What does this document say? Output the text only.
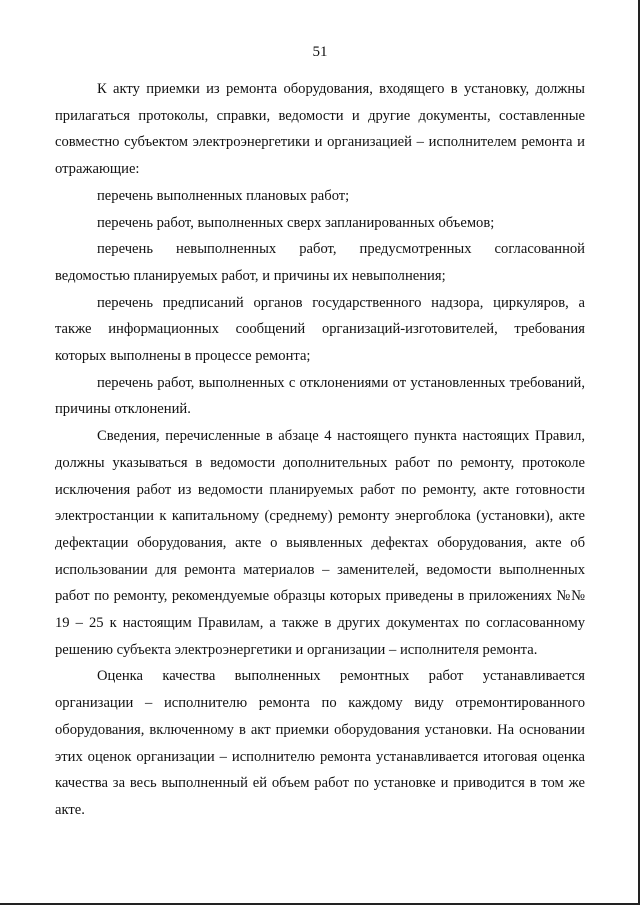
51

К акту приемки из ремонта оборудования, входящего в установку, должны прилагаться протоколы, справки, ведомости и другие документы, составленные совместно субъектом электроэнергетики и организацией – исполнителем ремонта и отражающие:

перечень выполненных плановых работ;

перечень работ, выполненных сверх запланированных объемов;

перечень невыполненных работ, предусмотренных согласованной ведомостью планируемых работ, и причины их невыполнения;

перечень предписаний органов государственного надзора, циркуляров, а также информационных сообщений организаций-изготовителей, требования которых выполнены в процессе ремонта;

перечень работ, выполненных с отклонениями от установленных требований, причины отклонений.

Сведения, перечисленные в абзаце 4 настоящего пункта настоящих Правил, должны указываться в ведомости дополнительных работ по ремонту, протоколе исключения работ из ведомости планируемых работ по ремонту, акте готовности электростанции к капитальному (среднему) ремонту энергоблока (установки), акте дефектации оборудования, акте о выявленных дефектах оборудования, акте об использовании для ремонта материалов – заменителей, ведомости выполненных работ по ремонту, рекомендуемые образцы которых приведены в приложениях №№ 19 – 25 к настоящим Правилам, а также в других документах по согласованному решению субъекта электроэнергетики и организации – исполнителя ремонта.

Оценка качества выполненных ремонтных работ устанавливается организации – исполнителю ремонта по каждому виду отремонтированного оборудования, включенному в акт приемки оборудования установки. На основании этих оценок организации – исполнителю ремонта устанавливается итоговая оценка качества за весь выполненный ей объем работ по установке и приводится в том же акте.
